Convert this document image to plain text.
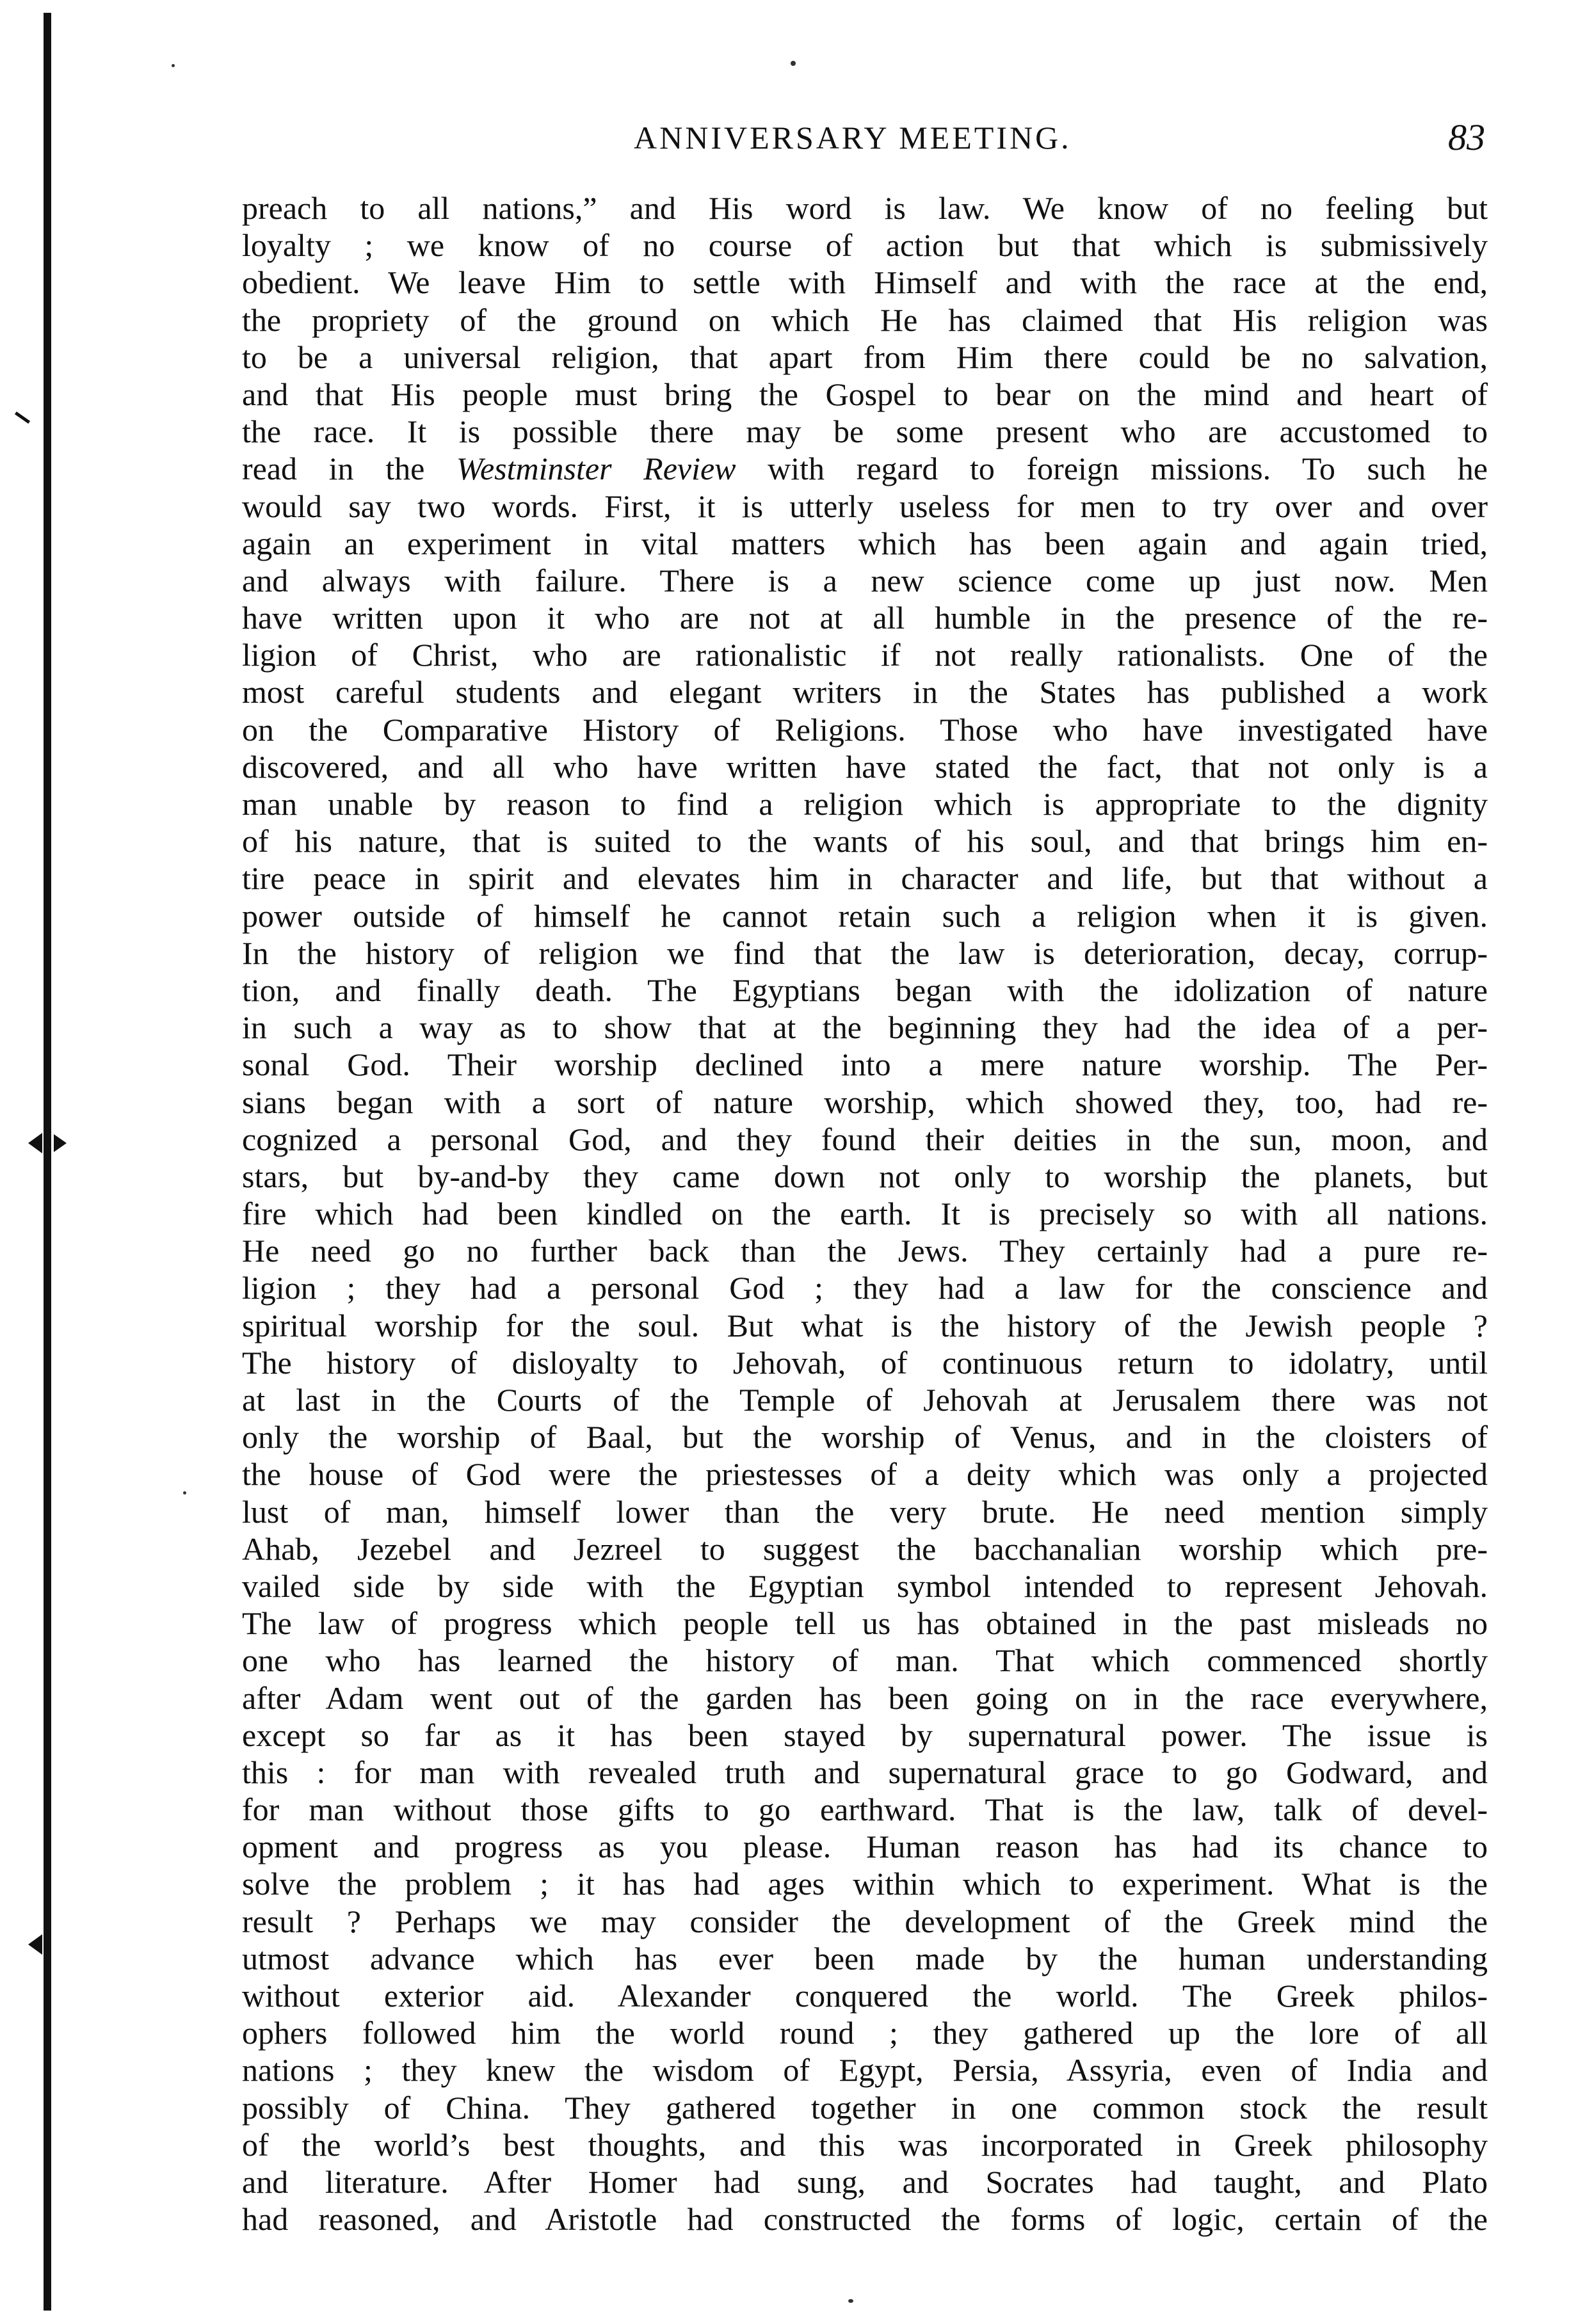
ANNIVERSARY MEETING.	83
preach to all nations,” and His word is law. We know of no feeling but
loyalty ; we know of no course of action but that which is submissively
obedient. We leave Him to settle with Himself and with the race at the end,
the propriety of the ground on which He has claimed that His religion was
to be a universal religion, that apart from Him there could be no salvation,
and that His people must bring the Gospel to bear on the mind and heart of
the race. It is possible there may be some present who are accustomed to
read in the Westminster Review with regard to foreign missions. To such he
would say two words. First, it is utterly useless for men to try over and over
again an experiment in vital matters which has been again and again tried,
and always with failure. There is a new science come up just now. Men
have written upon it who are not at all humble in the presence of the re-
ligion of Christ, who are rationalistic if not really rationalists. One of the
most careful students and elegant writers in the States has published a work
on the Comparative History of Religions. Those who have investigated have
discovered, and all who have written have stated the fact, that not only is a
man unable by reason to find a religion which is appropriate to the dignity
of his nature, that is suited to the wants of his soul, and that brings him en-
tire peace in spirit and elevates him in character and life, but that without a
power outside of himself he cannot retain such a religion when it is given.
In the history of religion we find that the law is deterioration, decay, corrup-
tion, and finally death. The Egyptians began with the idolization of nature
in such a way as to show that at the beginning they had the idea of a per-
sonal God. Their worship declined into a mere nature worship. The Per-
sians began with a sort of nature worship, which showed they, too, had re-
cognized a personal God, and they found their deities in the sun, moon, and
stars, but by-and-by they came down not only to worship the planets, but
fire which had been kindled on the earth. It is precisely so with all nations.
He need go no further back than the Jews. They certainly had a pure re-
ligion ; they had a personal God ; they had a law for the conscience and
spiritual worship for the soul. But what is the history of the Jewish people ?
The history of disloyalty to Jehovah, of continuous return to idolatry, until
at last in the Courts of the Temple of Jehovah at Jerusalem there was not
only the worship of Baal, but the worship of Venus, and in the cloisters of
the house of God were the priestesses of a deity which was only a projected
lust of man, himself lower than the very brute. He need mention simply
Ahab, Jezebel and Jezreel to suggest the bacchanalian worship which pre-
vailed side by side with the Egyptian symbol intended to represent Jehovah.
The law of progress which people tell us has obtained in the past misleads no
one who has learned the history of man. That which commenced shortly
after Adam went out of the garden has been going on in the race everywhere,
except so far as it has been stayed by supernatural power. The issue is
this : for man with revealed truth and supernatural grace to go Godward, and
for man without those gifts to go earthward. That is the law, talk of devel-
opment and progress as you please. Human reason has had its chance to
solve the problem ; it has had ages within which to experiment. What is the
result ? Perhaps we may consider the development of the Greek mind the
utmost advance which has ever been made by the human understanding
without exterior aid. Alexander conquered the world. The Greek philos-
ophers followed him the world round ; they gathered up the lore of all
nations ; they knew the wisdom of Egypt, Persia, Assyria, even of India and
possibly of China. They gathered together in one common stock the result
of the world’s best thoughts, and this was incorporated in Greek philosophy
and literature. After Homer had sung, and Socrates had taught, and Plato
had reasoned, and Aristotle had constructed the forms of logic, certain of the
